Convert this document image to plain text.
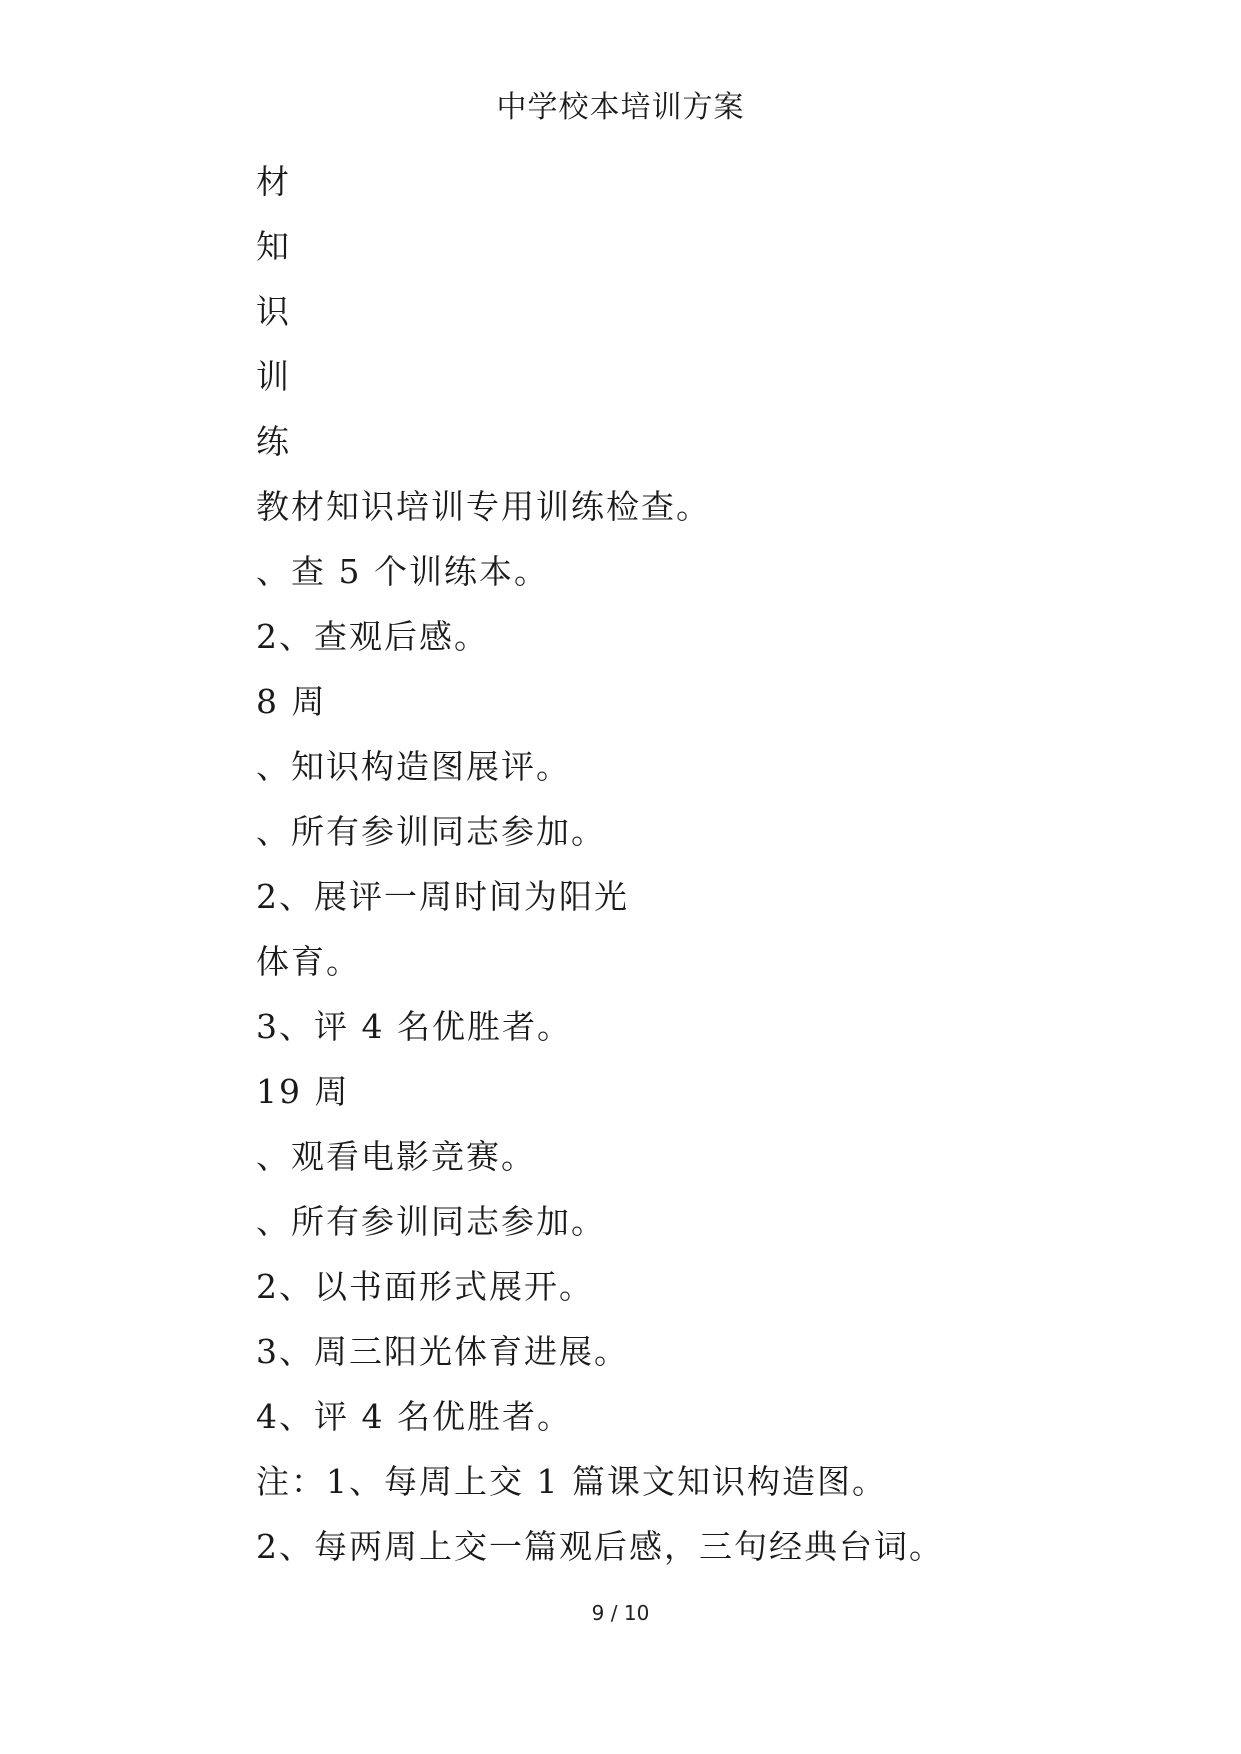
中学校本培训方案
材
知
识
训
练
教材知识培训专用训练检查。
、查 5 个训练本。
2、查观后感。
8 周
、知识构造图展评。
、所有参训同志参加。
2、展评一周时间为阳光
体育。
3、评 4 名优胜者。
19 周
、观看电影竞赛。
、所有参训同志参加。
2、以书面形式展开。
3、周三阳光体育进展。
4、评 4 名优胜者。
注：1、每周上交 1 篇课文知识构造图。
2、每两周上交一篇观后感，三句经典台词。
9 / 10
